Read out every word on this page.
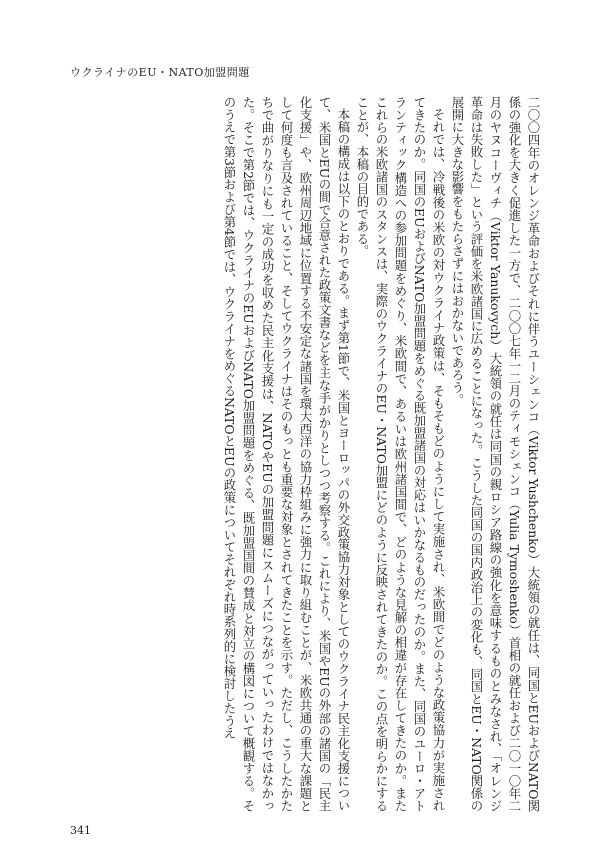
ウクライナのEU・NATO加盟問題

二〇〇四年のオレンジ革命およびそれに伴うユーシェンコ（Viktor Yushchenko）大統領の就任は、同国とEUおよびNATO関係の強化を大きく促進した一方で、二〇〇七年一二月のティモシェンコ（Yulia Tymoshenko）首相の就任および二〇一〇年二月のヤヌコーヴィチ（Viktor Yanukovych）大統領の就任は同国の親ロシア路線の強化を意味するものとみなされ、「オレンジ革命は失敗した」という評価を米欧諸国に広めることになった。こうした同国の国内政治上の変化も、同国とEU・NATO関係の展開に大きな影響をもたらさずにはおかないであろう。

それでは、冷戦後の米欧の対ウクライナ政策は、そもそもどのようにして実施され、米欧間でどのような政策協力が実施されてきたのか。同国のEUおよびNATO加盟問題をめぐる既加盟諸国の対応はいかなるものだったのか。また、同国のユーロ・アトランティック構造への参加問題をめぐり、米欧間で、あるいは欧州諸国間で、どのような見解の相違が存在してきたのか。またこれらの米欧諸国のスタンスは、実際のウクライナのEU・NATO加盟にどのように反映されてきたのか。この点を明らかにすることが、本稿の目的である。

本稿の構成は以下のとおりである。まず第1節で、米国とヨーロッパの外交政策協力対象としてのウクライナ民主化支援について、米国とEUの間で合意された政策文書などを主な手がかりとしつつ考察する。これにより、米国やEUの外部の諸国の「民主化支援」や、欧州周辺地域に位置する不安定な諸国を環大西洋の協力枠組みに強力に取り組むことが、米欧共通の重大な課題として何度も言及されていること、そしてウクライナはそのもっとも重要な対象とされてきたことを示す。ただし、こうしたかたちで曲がりなりにも一定の成功を収めた民主化支援は、NATOやEUの加盟問題にスムーズにつながっていったわけではなかった。そこで第2節では、ウクライナのEUおよびNATO加盟問題をめぐる、既加盟国間の賛成と対立の構図について概観する。そのうえで第3節および第4節では、ウクライナをめぐるNATOとEUの政策についてそれぞれ時系列的に検討したうえ

341
